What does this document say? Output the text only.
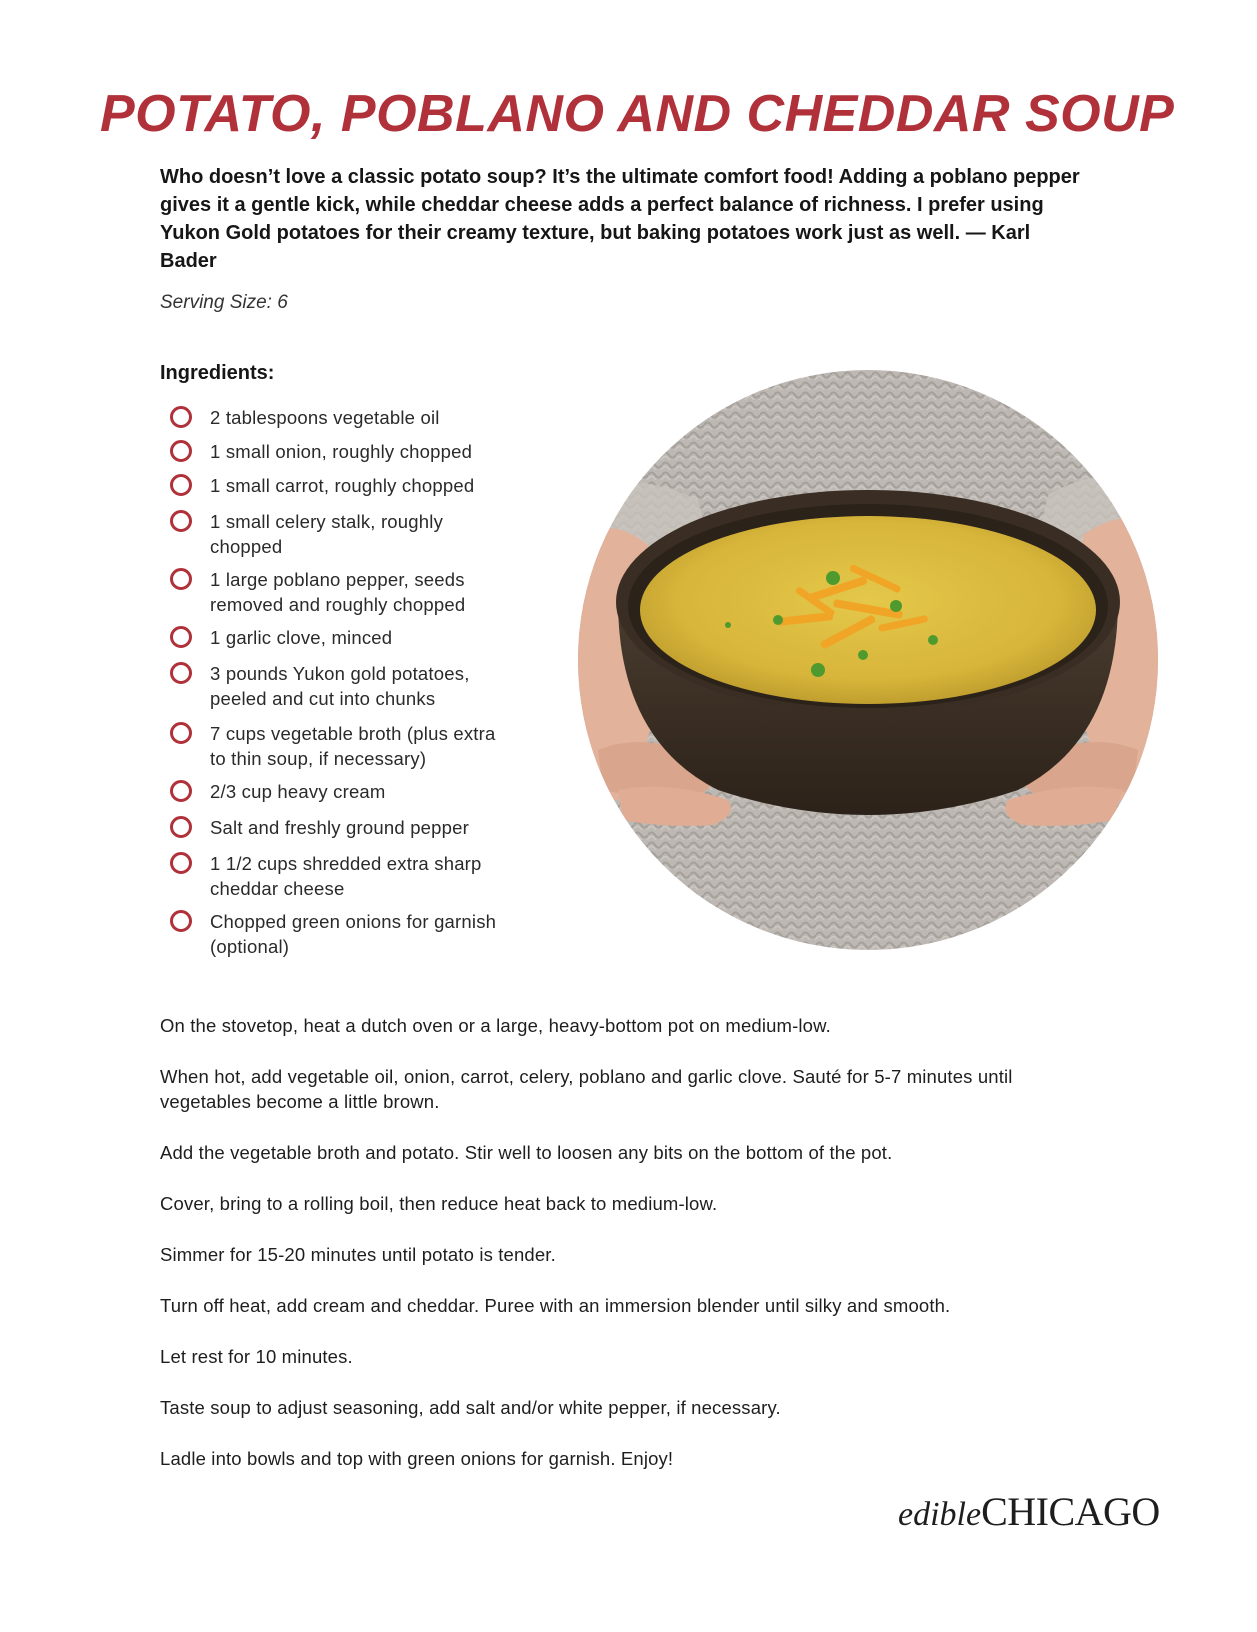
POTATO, POBLANO AND CHEDDAR SOUP

Who doesn’t love a classic potato soup? It’s the ultimate comfort food! Adding a poblano pepper gives it a gentle kick, while cheddar cheese adds a perfect balance of richness. I prefer using Yukon Gold potatoes for their creamy texture, but baking potatoes work just as well. — Karl Bader

Serving Size: 6

Ingredients:
2 tablespoons vegetable oil
1 small onion, roughly chopped
1 small carrot, roughly chopped
1 small celery stalk, roughly chopped
1 large poblano pepper, seeds removed and roughly chopped
1 garlic clove, minced
3 pounds Yukon gold potatoes, peeled and cut into chunks
7 cups vegetable broth (plus extra to thin soup, if necessary)
2/3 cup heavy cream
Salt and freshly ground pepper
1 1/2 cups shredded extra sharp cheddar cheese
Chopped green onions for garnish (optional)

On the stovetop, heat a dutch oven or a large, heavy-bottom pot on medium-low.

When hot, add vegetable oil, onion, carrot, celery, poblano and garlic clove. Sauté for 5-7 minutes until vegetables become a little brown.

Add the vegetable broth and potato. Stir well to loosen any bits on the bottom of the pot.

Cover, bring to a rolling boil, then reduce heat back to medium-low.

Simmer for 15-20 minutes until potato is tender.

Turn off heat, add cream and cheddar. Puree with an immersion blender until silky and smooth.

Let rest for 10 minutes.

Taste soup to adjust seasoning, add salt and/or white pepper, if necessary.

Ladle into bowls and top with green onions for garnish. Enjoy!

edible CHICAGO
